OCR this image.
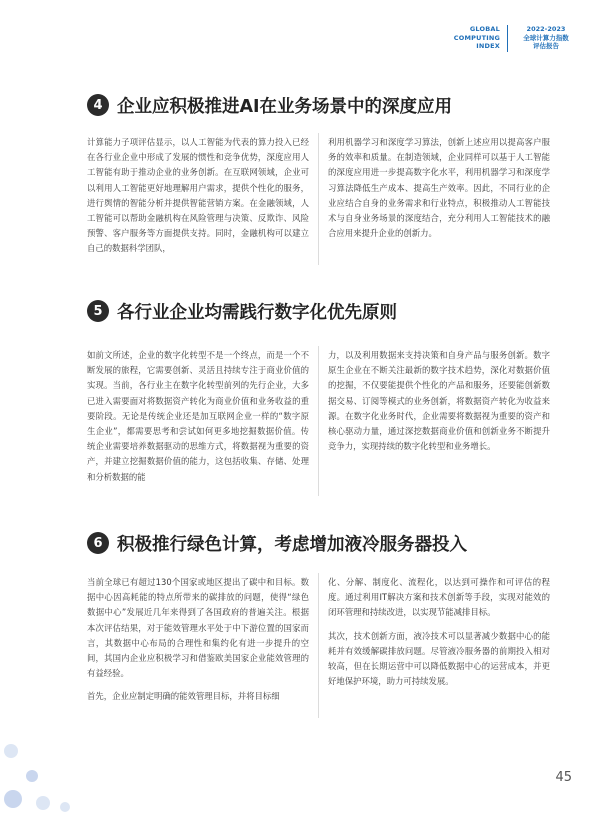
GLOBAL
COMPUTING
INDEX
2022-2023
全球计算力指数
评估报告
4 企业应积极推进AI在业务场景中的深度应用

计算能力子项评估显示，以人工智能为代表的算力投入已经在各行业企业中形成了发展的惯性和竞争优势，深度应用人工智能有助于推动企业的业务创新。在互联网领域，企业可以利用人工智能更好地理解用户需求，提供个性化的服务，进行舆情的智能分析并提供智能营销方案。在金融领域，人工智能可以帮助金融机构在风险管理与决策、反欺诈、风险预警、客户服务等方面提供支持。同时，金融机构可以建立自己的数据科学团队，

利用机器学习和深度学习算法，创新上述应用以提高客户服务的效率和质量。在制造领域，企业同样可以基于人工智能的深度应用进一步提高数字化水平，利用机器学习和深度学习算法降低生产成本、提高生产效率。因此，不同行业的企业应结合自身的业务需求和行业特点，积极推动人工智能技术与自身业务场景的深度结合，充分利用人工智能技术的融合应用来提升企业的创新力。

5 各行业企业均需践行数字化优先原则

如前文所述，企业的数字化转型不是一个终点，而是一个不断发展的旅程，它需要创新、灵活且持续专注于商业价值的实现。当前，各行业主在数字化转型前列的先行企业，大多已进入需要面对将数据资产转化为商业价值和业务收益的重要阶段。无论是传统企业还是加互联网企业一样的“数字原生企业”，都需要思考和尝试如何更多地挖掘数据价值。传统企业需要培养数据驱动的思维方式，将数据视为重要的资产，并建立挖掘数据价值的能力，这包括收集、存储、处理和分析数据的能

力，以及利用数据来支持决策和自身产品与服务创新。数字原生企业在不断关注最新的数字技术趋势，深化对数据价值的挖掘，不仅要能提供个性化的产品和服务，还要能创新数据交易、订阅等模式的业务创新，将数据资产转化为收益来源。在数字化业务时代，企业需要将数据视为重要的资产和核心驱动力量，通过深挖数据商业价值和创新业务不断提升竞争力，实现持续的数字化转型和业务增长。

6 积极推行绿色计算，考虑增加液冷服务器投入

当前全球已有超过130个国家或地区提出了碳中和目标。数据中心因高耗能的特点所带来的碳排放的问题，使得“绿色数据中心”发展近几年来得到了各国政府的普遍关注。根据本次评估结果，对于能效管理水平处于中下游位置的国家而言，其数据中心布局的合理性和集约化有进一步提升的空间，其国内企业应积极学习和借鉴欧美国家企业能效管理的有益经验。

首先，企业应制定明确的能效管理目标，并将目标细

化、分解、制度化、流程化，以达到可操作和可评估的程度。通过利用IT解决方案和技术创新等手段，实现对能效的闭环管理和持续改进，以实现节能减排目标。

其次，技术创新方面，液冷技术可以显著减少数据中心的能耗并有效缓解碳排放问题。尽管液冷服务器的前期投入相对较高，但在长期运营中可以降低数据中心的运营成本，并更好地保护环境，助力可持续发展。

45
